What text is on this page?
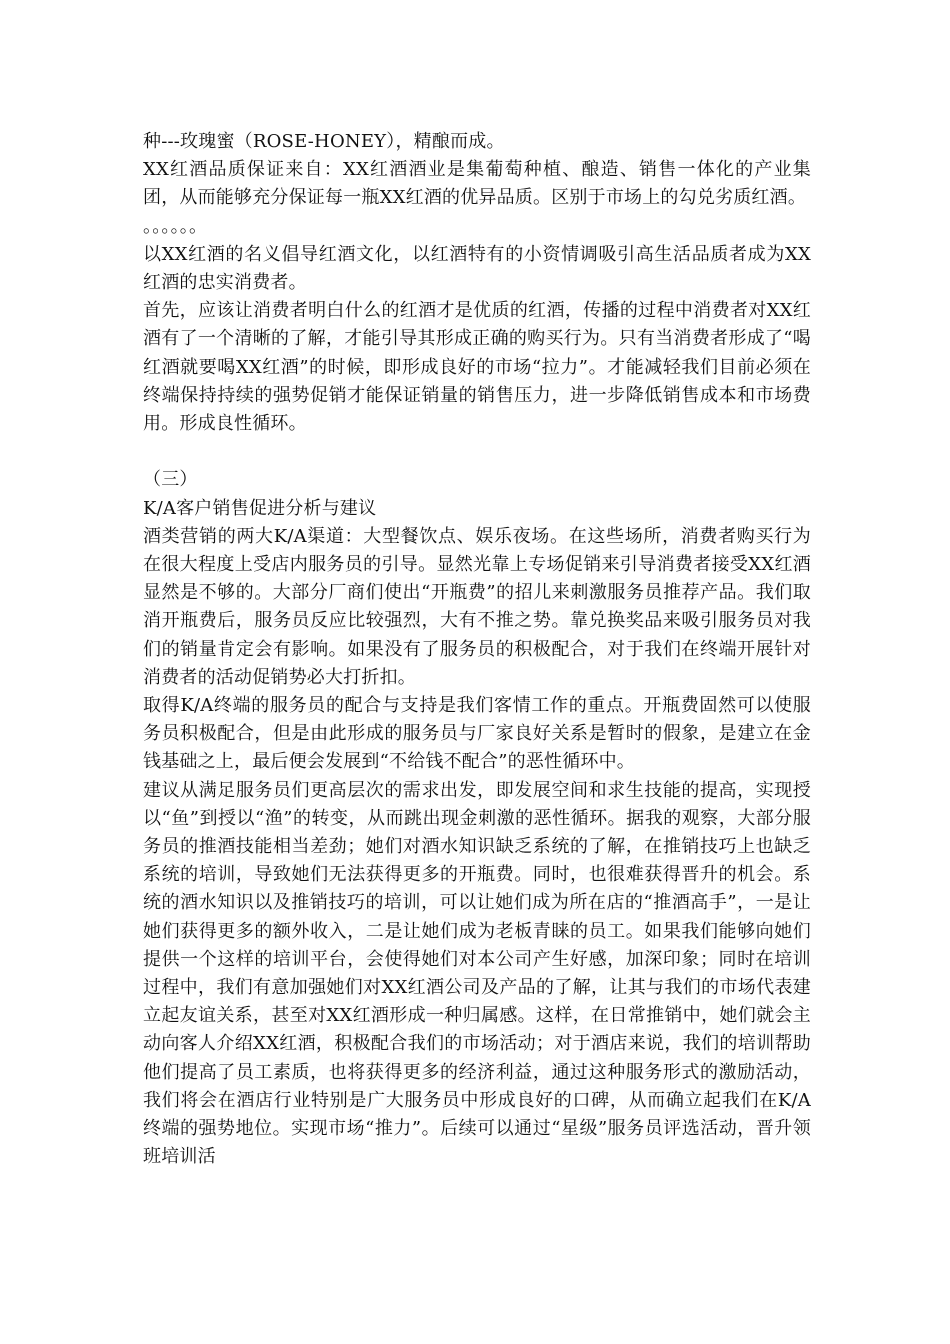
种---玫瑰蜜（ROSE-HONEY），精酿而成。

XX红酒品质保证来自：XX红酒酒业是集葡萄种植、酿造、销售一体化的产业集团，从而能够充分保证每一瓶XX红酒的优异品质。区别于市场上的勾兑劣质红酒。

。。。。。。

以XX红酒的名义倡导红酒文化，以红酒特有的小资情调吸引高生活品质者成为XX红酒的忠实消费者。

首先，应该让消费者明白什么的红酒才是优质的红酒，传播的过程中消费者对XX红酒有了一个清晰的了解，才能引导其形成正确的购买行为。只有当消费者形成了“喝红酒就要喝XX红酒”的时候，即形成良好的市场“拉力”。才能减轻我们目前必须在终端保持持续的强势促销才能保证销量的销售压力，进一步降低销售成本和市场费用。形成良性循环。

（三）

K/A客户销售促进分析与建议

酒类营销的两大K/A渠道：大型餐饮点、娱乐夜场。在这些场所，消费者购买行为在很大程度上受店内服务员的引导。显然光靠上专场促销来引导消费者接受XX红酒显然是不够的。大部分厂商们使出“开瓶费”的招儿来刺激服务员推荐产品。我们取消开瓶费后，服务员反应比较强烈，大有不推之势。靠兑换奖品来吸引服务员对我们的销量肯定会有影响。如果没有了服务员的积极配合，对于我们在终端开展针对消费者的活动促销势必大打折扣。

取得K/A终端的服务员的配合与支持是我们客情工作的重点。开瓶费固然可以使服务员积极配合，但是由此形成的服务员与厂家良好关系是暂时的假象，是建立在金钱基础之上，最后便会发展到“不给钱不配合”的恶性循环中。

建议从满足服务员们更高层次的需求出发，即发展空间和求生技能的提高，实现授以“鱼”到授以“渔”的转变，从而跳出现金刺激的恶性循环。据我的观察，大部分服务员的推酒技能相当差劲；她们对酒水知识缺乏系统的了解，在推销技巧上也缺乏系统的培训，导致她们无法获得更多的开瓶费。同时，也很难获得晋升的机会。系统的酒水知识以及推销技巧的培训，可以让她们成为所在店的“推酒高手”，一是让她们获得更多的额外收入，二是让她们成为老板青睐的员工。如果我们能够向她们提供一个这样的培训平台，会使得她们对本公司产生好感，加深印象；同时在培训过程中，我们有意加强她们对XX红酒公司及产品的了解，让其与我们的市场代表建立起友谊关系，甚至对XX红酒形成一种归属感。这样，在日常推销中，她们就会主动向客人介绍XX红酒，积极配合我们的市场活动；对于酒店来说，我们的培训帮助他们提高了员工素质，也将获得更多的经济利益，通过这种服务形式的激励活动，我们将会在酒店行业特别是广大服务员中形成良好的口碑，从而确立起我们在K/A终端的强势地位。实现市场“推力”。后续可以通过“星级”服务员评选活动，晋升领班培训活
